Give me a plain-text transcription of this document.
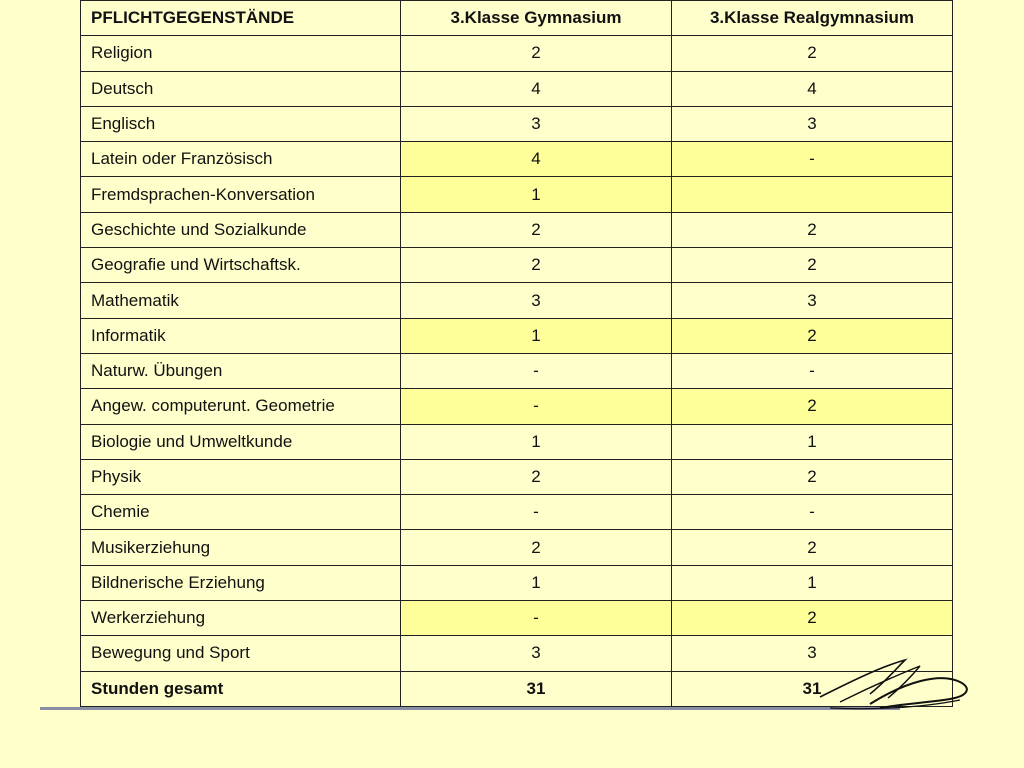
PFLICHTGEGENSTÄNDE	3.Klasse Gymnasium	3.Klasse Realgymnasium
Religion	2	2
Deutsch	4	4
Englisch	3	3
Latein oder Französisch	4	-
Fremdsprachen-Konversation	1	
Geschichte und Sozialkunde	2	2
Geografie und Wirtschaftsk.	2	2
Mathematik	3	3
Informatik	1	2
Naturw. Übungen	-	-
Angew. computerunt. Geometrie	-	2
Biologie und Umweltkunde	1	1
Physik	2	2
Chemie	-	-
Musikerziehung	2	2
Bildnerische Erziehung	1	1
Werkerziehung	-	2
Bewegung und Sport	3	3
Stunden gesamt	31	31
